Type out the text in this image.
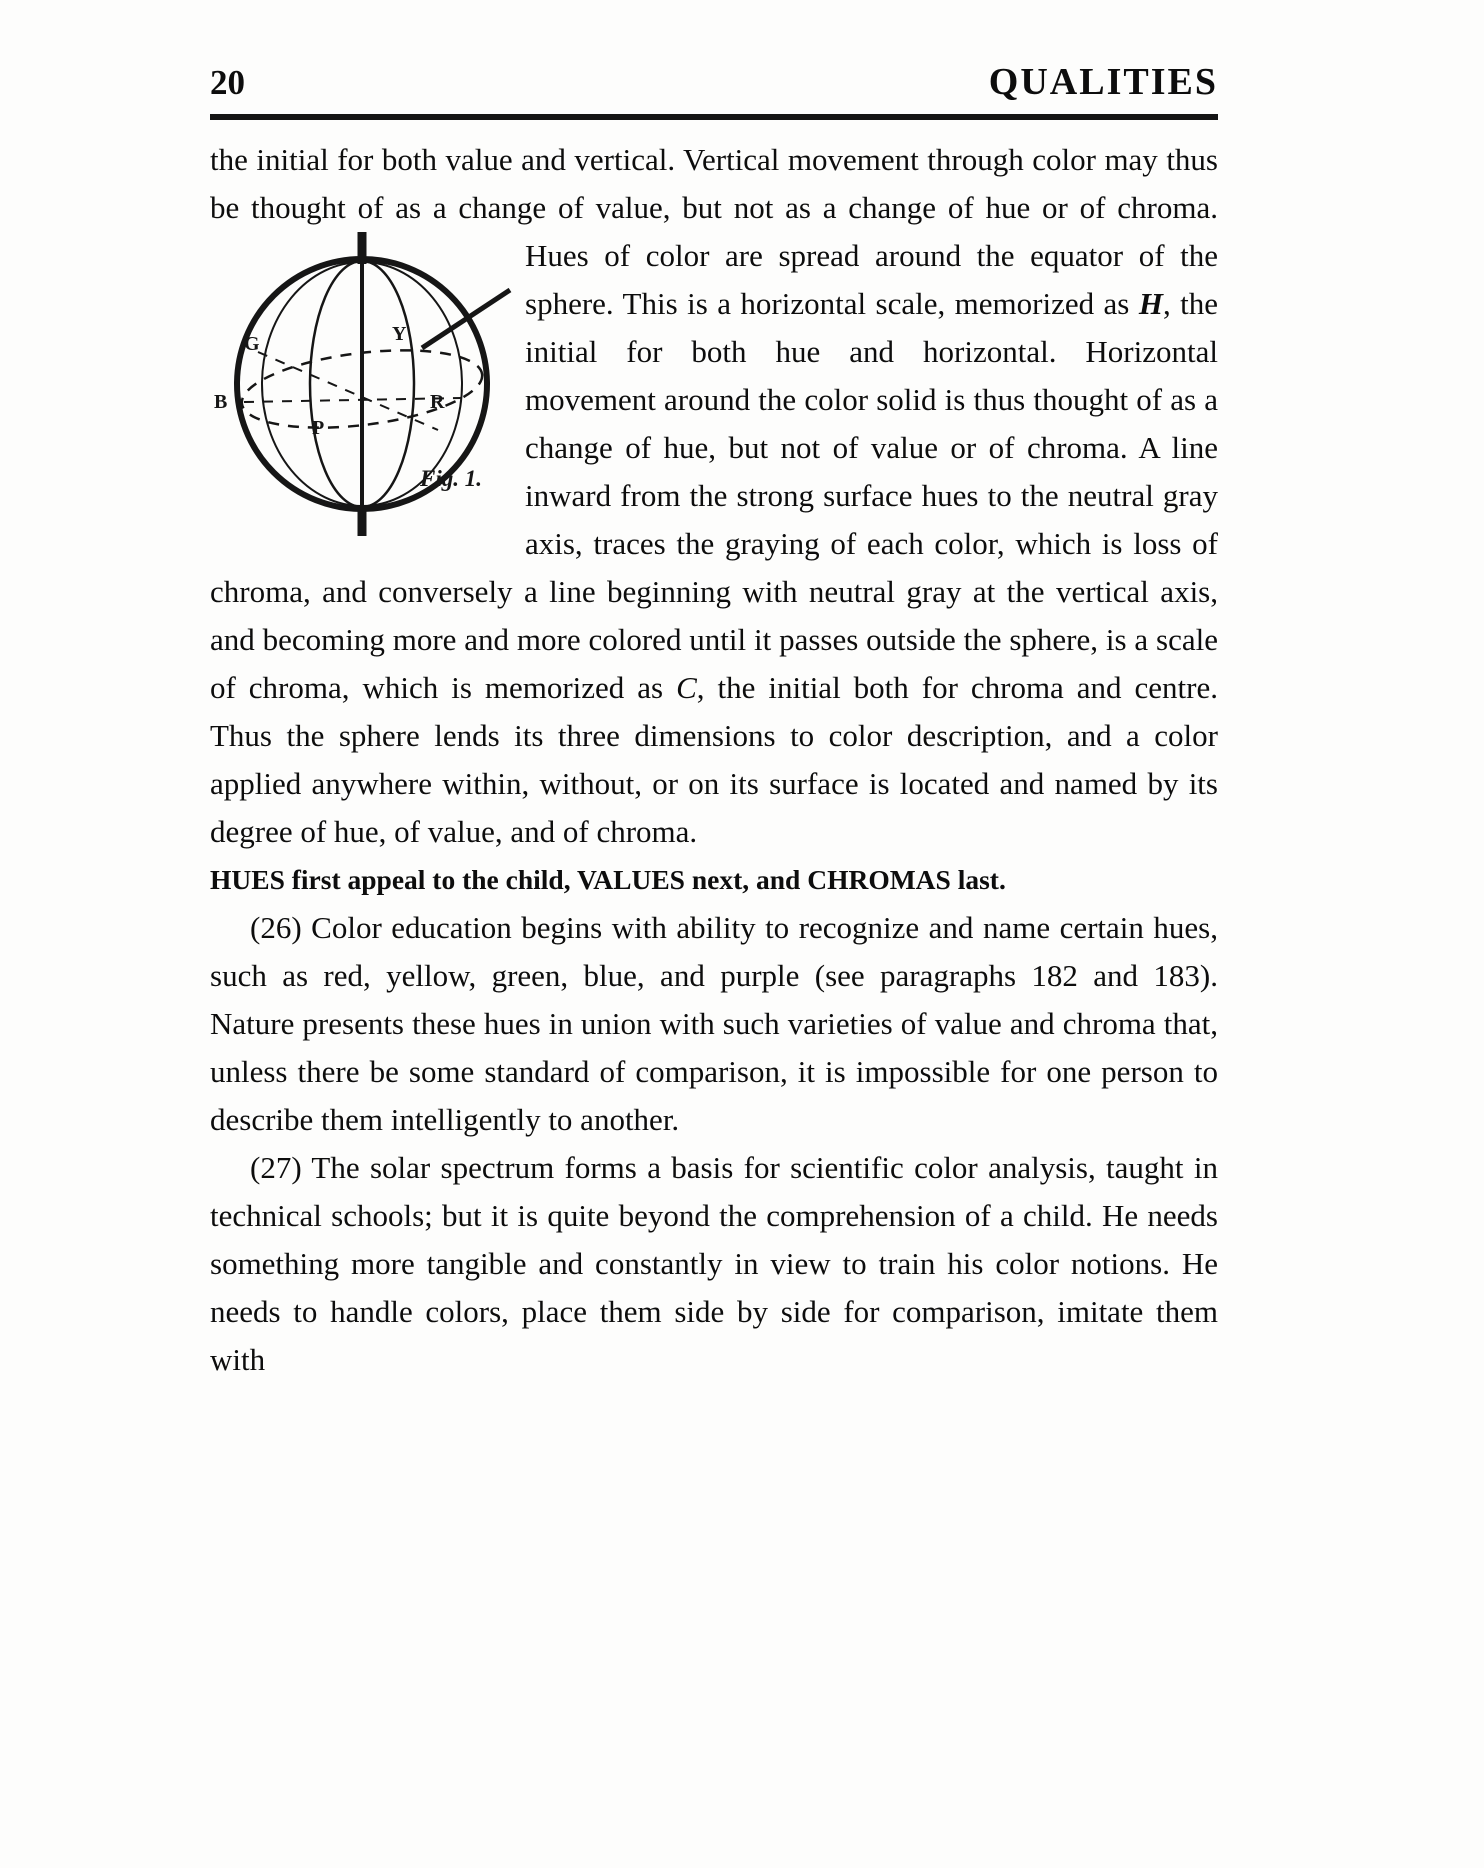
20	QUALITIES

the initial for both value and vertical. Vertical movement through color may thus be thought of as a change of value, but
G	Y
R
P
B
Fig. 1.
not as a change of hue or of chroma. Hues of color are spread around the equator of the sphere. This is a horizontal scale, memorized as H, the initial for both hue and horizontal. Horizontal movement around the color solid is thus thought of as a change of hue, but not of value or of chroma. A line inward from the strong surface hues to the neutral gray axis, traces the graying of each color, which is loss of chroma, and conversely a line beginning with neutral gray at the vertical axis, and becoming more and more colored until it passes outside the sphere, is a scale of chroma, which is memorized as C, the initial both for chroma and centre. Thus the sphere lends its three dimensions to color description, and a color applied anywhere within, without, or on its surface is located and named by its degree of hue, of value, and of chroma.

HUES first appeal to the child, VALUES next, and CHROMAS last.

(26) Color education begins with ability to recognize and name certain hues, such as red, yellow, green, blue, and purple (see paragraphs 182 and 183). Nature presents these hues in union with such varieties of value and chroma that, unless there be some standard of comparison, it is impossible for one person to describe them intelligently to another.

(27) The solar spectrum forms a basis for scientific color analysis, taught in technical schools; but it is quite beyond the comprehension of a child. He needs something more tangible and constantly in view to train his color notions. He needs to handle colors, place them side by side for comparison, imitate them with
